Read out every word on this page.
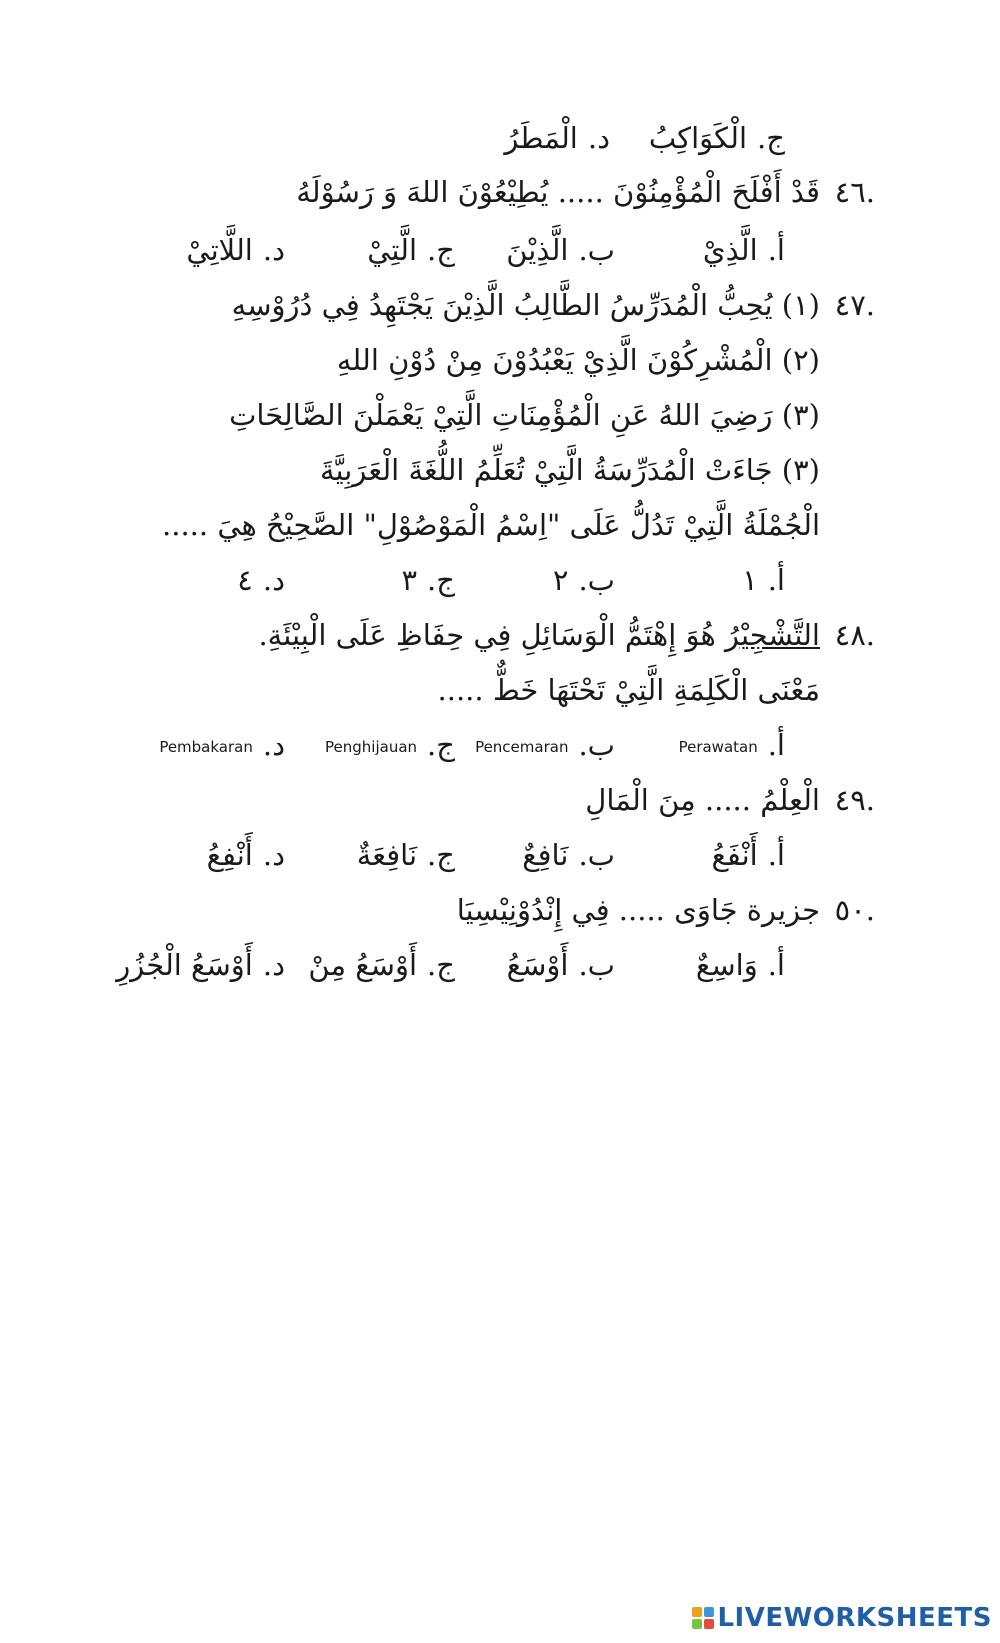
ج.الْكَوَاكِبُ
د.الْمَطَرُ
.٤٦
قَدْ أَفْلَحَ الْمُؤْمِنُوْنَ ..... يُطِيْعُوْنَ اللهَ وَ رَسُوْلَهُ
أ.الَّذِيْ
ب.الَّذِيْنَ
ج.الَّتِيْ
د.اللَّاتِيْ
.٤٧
(١) يُحِبُّ الْمُدَرِّسُ الطَّالِبُ الَّذِيْنَ يَجْتَهِدُ فِي دُرُوْسِهِ
(٢) الْمُشْرِكُوْنَ الَّذِيْ يَعْبُدُوْنَ مِنْ دُوْنِ اللهِ
(٣) رَضِيَ اللهُ عَنِ الْمُؤْمِنَاتِ الَّتِيْ يَعْمَلْنَ الصَّالِحَاتِ
(٣) جَاءَتْ الْمُدَرِّسَةُ الَّتِيْ تُعَلِّمُ اللُّغَةَ الْعَرَبِيَّةَ
الْجُمْلَةُ الَّتِيْ تَدُلُّ عَلَى "اِسْمُ الْمَوْصُوْلِ" الصَّحِيْحُ هِيَ .....
أ.١
ب.٢
ج.٣
د.٤
.٤٨
التَّشْجِيْرُ هُوَ إِهْتَمُّ الْوَسَائِلِ فِي حِفَاظِ عَلَى الْبِيْئَةِ.
مَعْنَى الْكَلِمَةِ الَّتِيْ تَحْتَهَا خَطٌّ .....
أ.Perawatan
ب.Pencemaran
ج.Penghijauan
د.Pembakaran
.٤٩
الْعِلْمُ ..... مِنَ الْمَالِ
أ.أَنْفَعُ
ب.نَافِعٌ
ج.نَافِعَةٌ
د.أَنْفِعُ
.٥٠
جزيرة جَاوَى ..... فِي إِنْدُوْنِيْسِيَا
أ.وَاسِعٌ
ب.أَوْسَعُ
ج.أَوْسَعُ مِنْ
د.أَوْسَعُ الْجُزُرِ
LIVEWORKSHEETS
